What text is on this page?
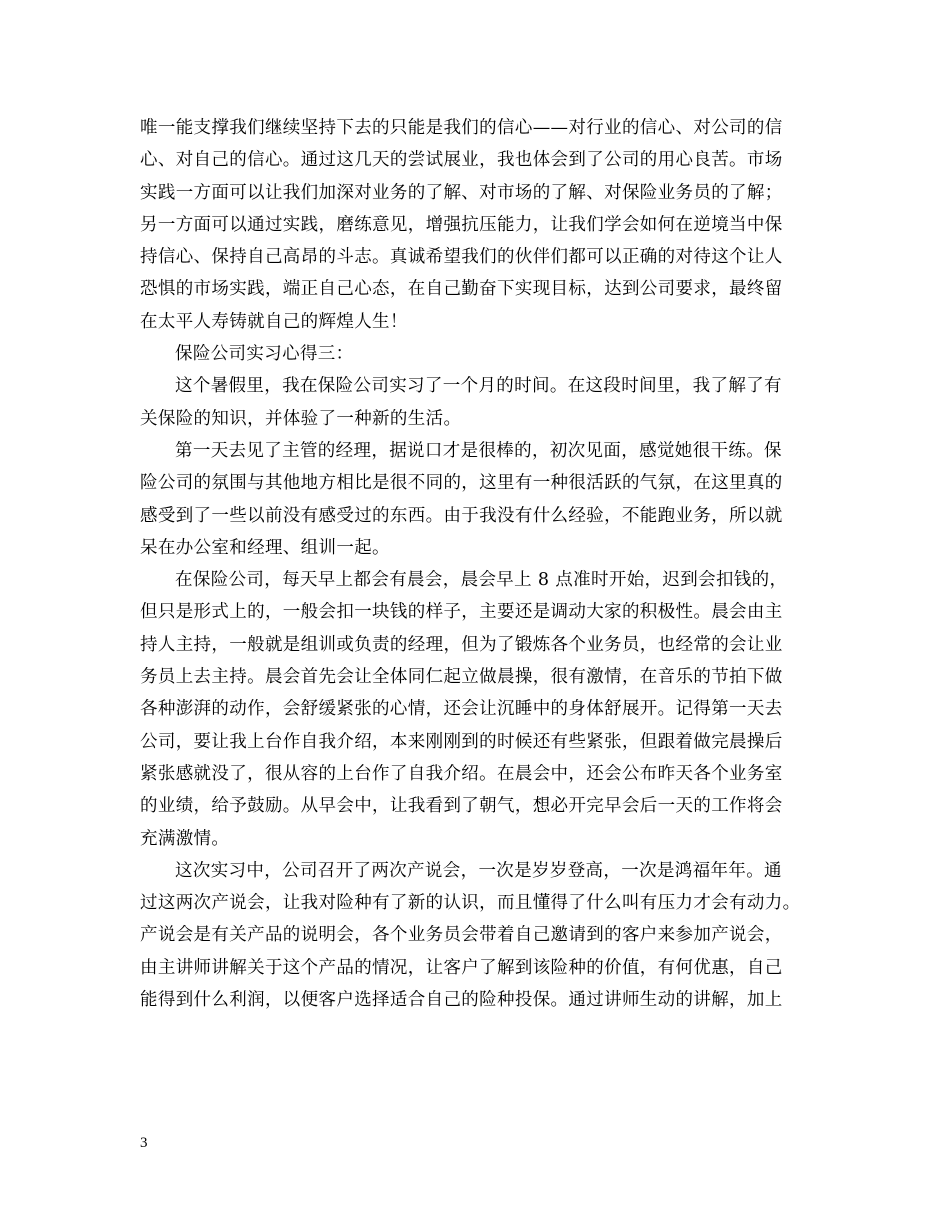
唯一能支撑我们继续坚持下去的只能是我们的信心——对行业的信心、对公司的信
心、对自己的信心。通过这几天的尝试展业，我也体会到了公司的用心良苦。市场
实践一方面可以让我们加深对业务的了解、对市场的了解、对保险业务员的了解；
另一方面可以通过实践，磨练意见，增强抗压能力，让我们学会如何在逆境当中保
持信心、保持自己高昂的斗志。真诚希望我们的伙伴们都可以正确的对待这个让人
恐惧的市场实践，端正自己心态，在自己勤奋下实现目标，达到公司要求，最终留
在太平人寿铸就自己的辉煌人生！
保险公司实习心得三：
这个暑假里，我在保险公司实习了一个月的时间。在这段时间里，我了解了有
关保险的知识，并体验了一种新的生活。
第一天去见了主管的经理，据说口才是很棒的，初次见面，感觉她很干练。保
险公司的氛围与其他地方相比是很不同的，这里有一种很活跃的气氛，在这里真的
感受到了一些以前没有感受过的东西。由于我没有什么经验，不能跑业务，所以就
呆在办公室和经理、组训一起。
在保险公司，每天早上都会有晨会，晨会早上 8 点准时开始，迟到会扣钱的，
但只是形式上的，一般会扣一块钱的样子，主要还是调动大家的积极性。晨会由主
持人主持，一般就是组训或负责的经理，但为了锻炼各个业务员，也经常的会让业
务员上去主持。晨会首先会让全体同仁起立做晨操，很有激情，在音乐的节拍下做
各种澎湃的动作，会舒缓紧张的心情，还会让沉睡中的身体舒展开。记得第一天去
公司，要让我上台作自我介绍，本来刚刚到的时候还有些紧张，但跟着做完晨操后
紧张感就没了，很从容的上台作了自我介绍。在晨会中，还会公布昨天各个业务室
的业绩，给予鼓励。从早会中，让我看到了朝气，想必开完早会后一天的工作将会
充满激情。
这次实习中，公司召开了两次产说会，一次是岁岁登高，一次是鸿福年年。通
过这两次产说会，让我对险种有了新的认识，而且懂得了什么叫有压力才会有动力。
产说会是有关产品的说明会，各个业务员会带着自己邀请到的客户来参加产说会，
由主讲师讲解关于这个产品的情况，让客户了解到该险种的价值，有何优惠，自己
能得到什么利润，以便客户选择适合自己的险种投保。通过讲师生动的讲解，加上
3
